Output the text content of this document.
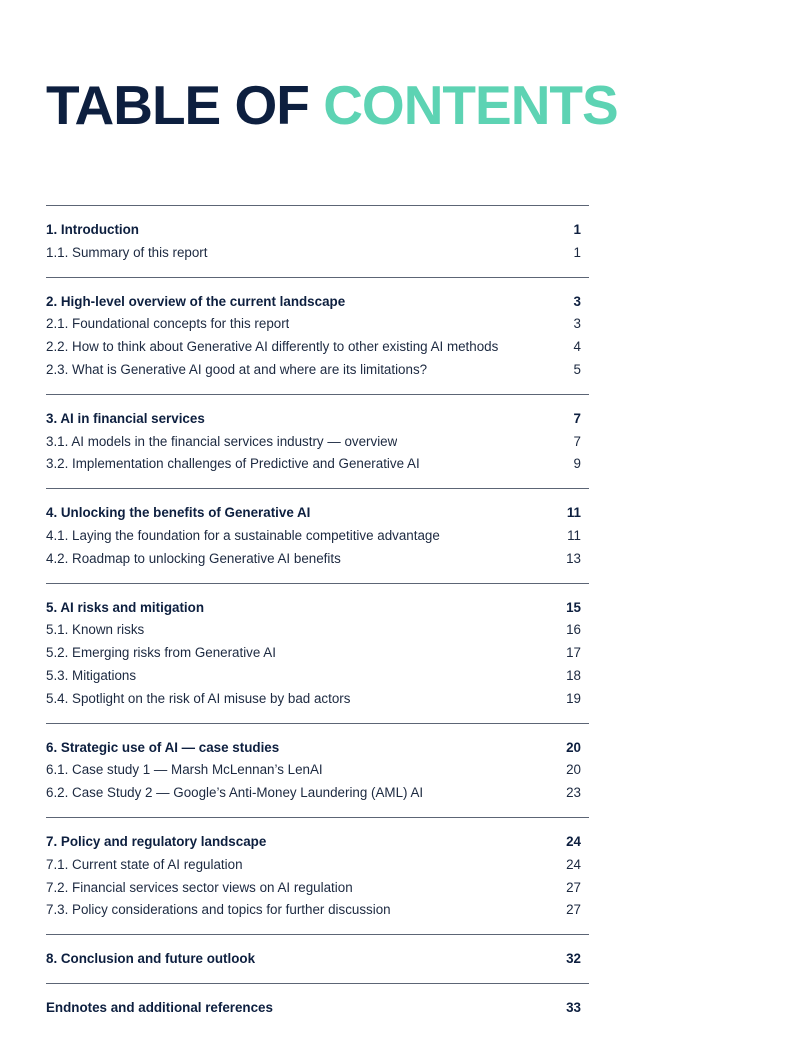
TABLE OF CONTENTS
1. Introduction	1
1.1. Summary of this report	1
2. High-level overview of the current landscape	3
2.1. Foundational concepts for this report	3
2.2. How to think about Generative AI differently to other existing AI methods	4
2.3. What is Generative AI good at and where are its limitations?	5
3. AI in financial services	7
3.1. AI models in the financial services industry — overview	7
3.2. Implementation challenges of Predictive and Generative AI	9
4. Unlocking the benefits of Generative AI	11
4.1. Laying the foundation for a sustainable competitive advantage	11
4.2. Roadmap to unlocking Generative AI benefits	13
5. AI risks and mitigation	15
5.1. Known risks	16
5.2. Emerging risks from Generative AI	17
5.3. Mitigations	18
5.4. Spotlight on the risk of AI misuse by bad actors	19
6. Strategic use of AI — case studies	20
6.1. Case study 1 — Marsh McLennan’s LenAI	20
6.2. Case Study 2 — Google’s Anti-Money Laundering (AML) AI	23
7. Policy and regulatory landscape	24
7.1. Current state of AI regulation	24
7.2. Financial services sector views on AI regulation	27
7.3. Policy considerations and topics for further discussion	27
8. Conclusion and future outlook	32
Endnotes and additional references	33
